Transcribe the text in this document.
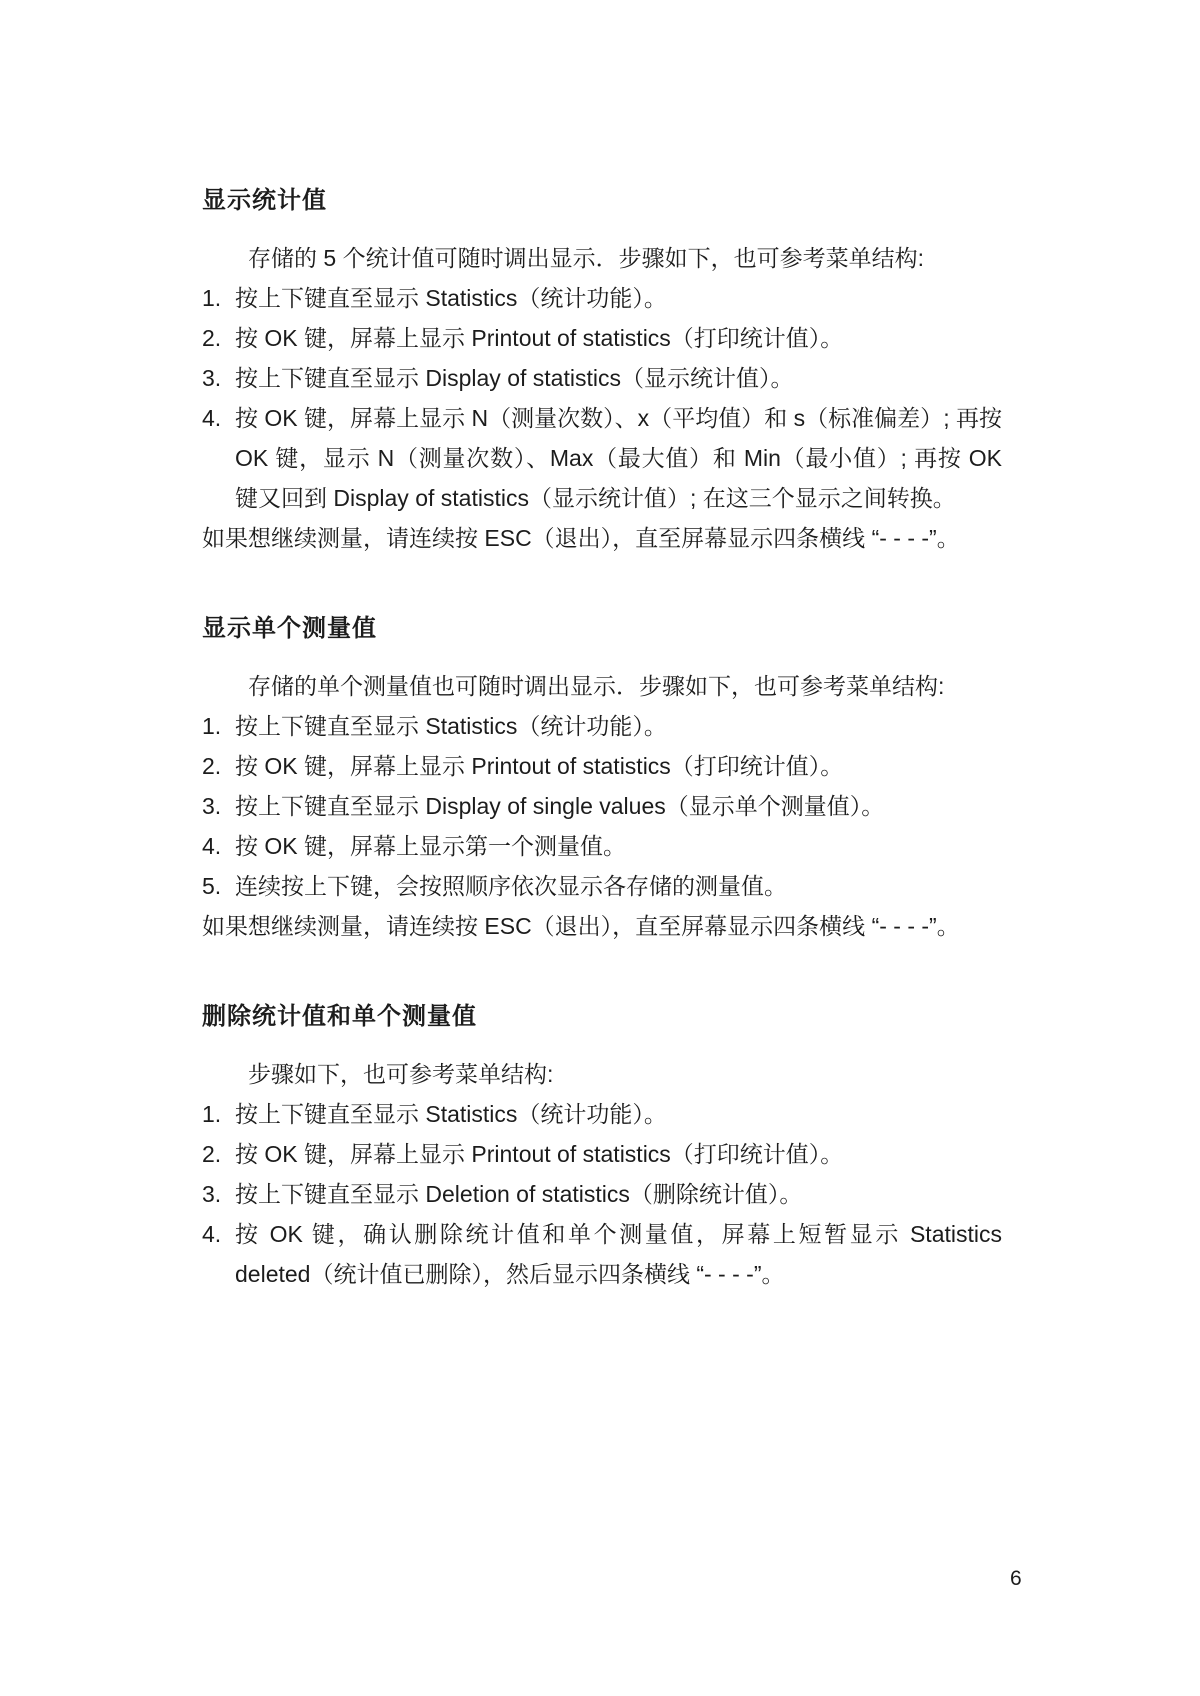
显示统计值

存储的 5 个统计值可随时调出显示．步骤如下，也可参考菜单结构:

1. 按上下键直至显示 Statistics（统计功能）。
2. 按 OK 键，屏幕上显示 Printout of statistics（打印统计值）。
3. 按上下键直至显示 Display of statistics（显示统计值）。
4. 按 OK 键，屏幕上显示 N（测量次数）、x（平均值）和 s（标准偏差）; 再按 OK 键，显示 N（测量次数）、Max（最大值）和 Min（最小值）; 再按 OK 键又回到 Display of statistics（显示统计值）; 在这三个显示之间转换。

如果想继续测量，请连续按 ESC（退出），直至屏幕显示四条横线 “- - - -”。

显示单个测量值

存储的单个测量值也可随时调出显示．步骤如下，也可参考菜单结构:

1. 按上下键直至显示 Statistics（统计功能）。
2. 按 OK 键，屏幕上显示 Printout of statistics（打印统计值）。
3. 按上下键直至显示 Display of single values（显示单个测量值）。
4. 按 OK 键，屏幕上显示第一个测量值。
5. 连续按上下键，会按照顺序依次显示各存储的测量值。

如果想继续测量，请连续按 ESC（退出），直至屏幕显示四条横线 “- - - -”。

删除统计值和单个测量值

步骤如下，也可参考菜单结构:

1. 按上下键直至显示 Statistics（统计功能）。
2. 按 OK 键，屏幕上显示 Printout of statistics（打印统计值）。
3. 按上下键直至显示 Deletion of statistics（删除统计值）。
4. 按 OK 键，确认删除统计值和单个测量值，屏幕上短暂显示 Statistics deleted（统计值已删除），然后显示四条横线 “- - - -”。
6
